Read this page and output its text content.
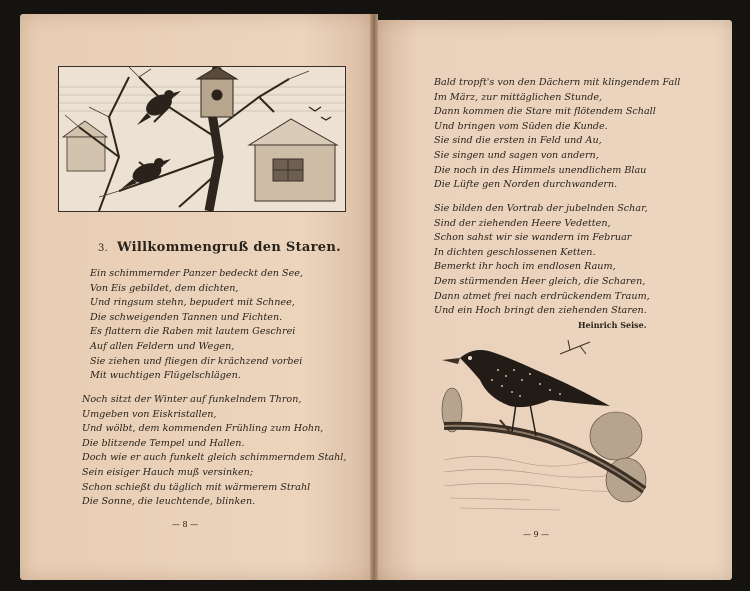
3. Willkommengruß den Staren.
Ein schimmernder Panzer bedeckt den See,
Von Eis gebildet, dem dichten,
Und ringsum stehn, bepudert mit Schnee,
Die schweigenden Tannen und Fichten.
Es flattern die Raben mit lautem Geschrei
Auf allen Feldern und Wegen,
Sie ziehen und fliegen dir krächzend vorbei
Mit wuchtigen Flügelschlägen.
Noch sitzt der Winter auf funkelndem Thron,
Umgeben von Eiskristallen,
Und wölbt, dem kommenden Frühling zum Hohn,
Die blitzende Tempel und Hallen.
Doch wie er auch funkelt gleich schimmerndem Stahl,
Sein eisiger Hauch muß versinken;
Schon schießt du täglich mit wärmerem Strahl
Die Sonne, die leuchtende, blinken.
— 8 —
Bald tropft's von den Dächern mit klingendem Fall
Im März, zur mittäglichen Stunde,
Dann kommen die Stare mit flötendem Schall
Und bringen vom Süden die Kunde.
Sie sind die ersten in Feld und Au,
Sie singen und sagen von andern,
Die noch in des Himmels unendlichem Blau
Die Lüfte gen Norden durchwandern.
Sie bilden den Vortrab der jubelnden Schar,
Sind der ziehenden Heere Vedetten,
Schon sahst wir sie wandern im Februar
In dichten geschlossenen Ketten.
Bemerkt ihr hoch im endlosen Raum,
Dem stürmenden Heer gleich, die Scharen,
Dann atmet frei nach erdrückendem Traum,
Und ein Hoch bringt den ziehenden Staren.
Heinrich Seise.
— 9 —
